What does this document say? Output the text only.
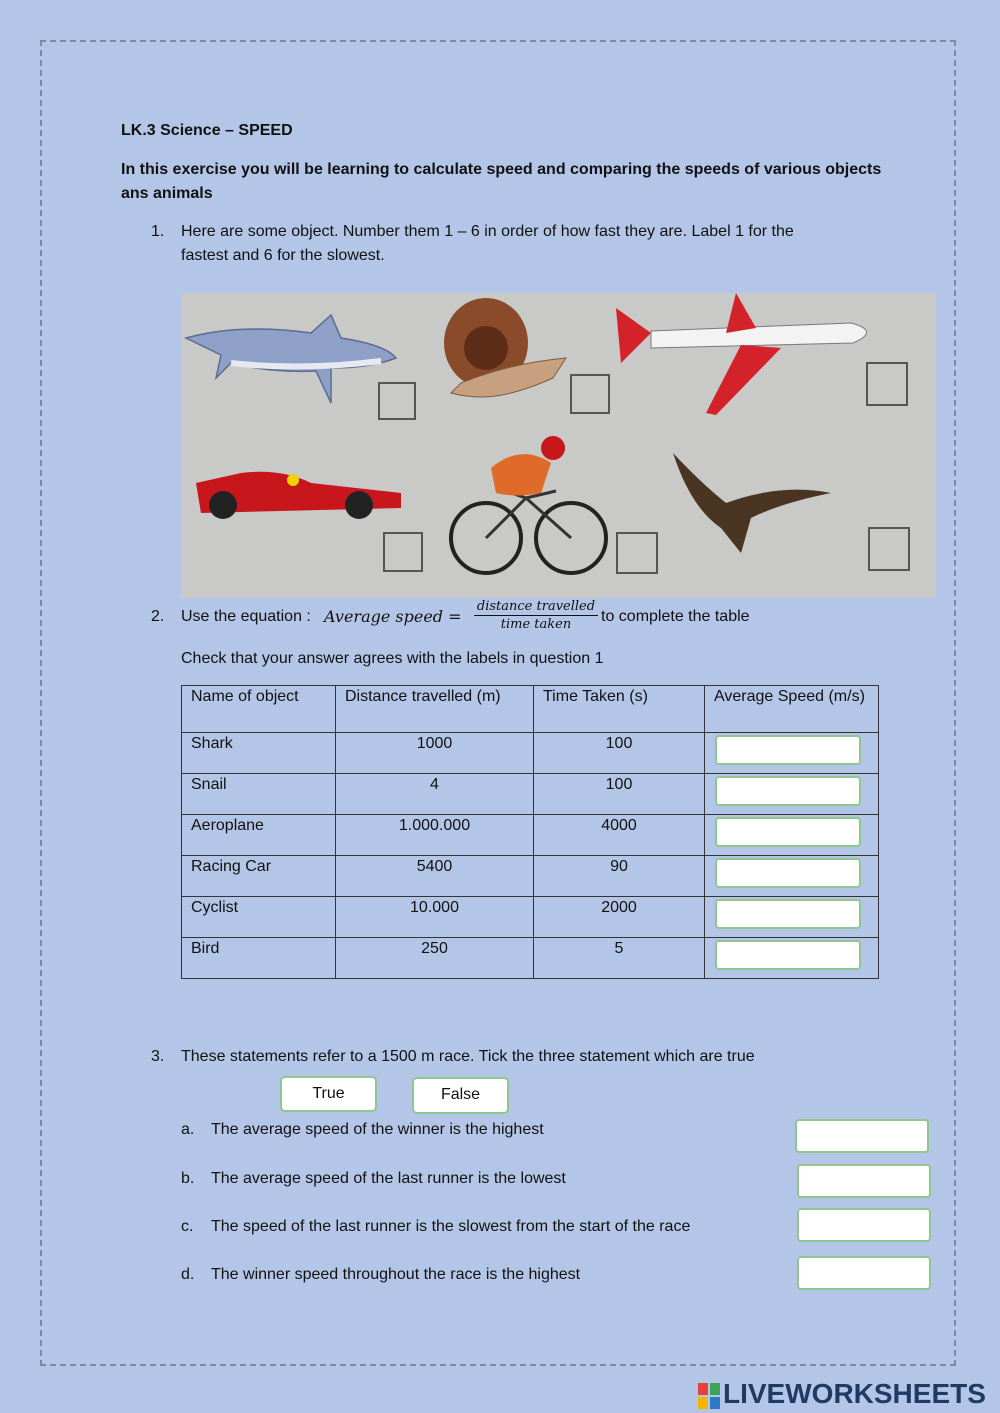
LK.3 Science – SPEED
In this exercise you will be learning to calculate speed and comparing the speeds of various objects
ans animals
1. Here are some object. Number them 1 – 6 in order of how fast they are. Label 1 for the
fastest and 6 for the slowest.
2. Use the equation : Average speed =
distance travelled
time taken	to complete the table
Check that your answer agrees with the labels in question 1
Name of object	Distance travelled (m)	Time Taken (s)	Average Speed (m/s)
Shark	1000	100	

Snail	4	100	

Aeroplane	1.000.000	4000	

Racing Car	5400	90	

Cyclist	10.000	2000	

Bird	250	5	
3. These statements refer to a 1500 m race. Tick the three statement which are true
True	False
a. The average speed of the winner is the highest
b. The average speed of the last runner is the lowest
c. The speed of the last runner is the slowest from the start of the race
d. The winner speed throughout the race is the highest
LIVEWORKSHEETS
